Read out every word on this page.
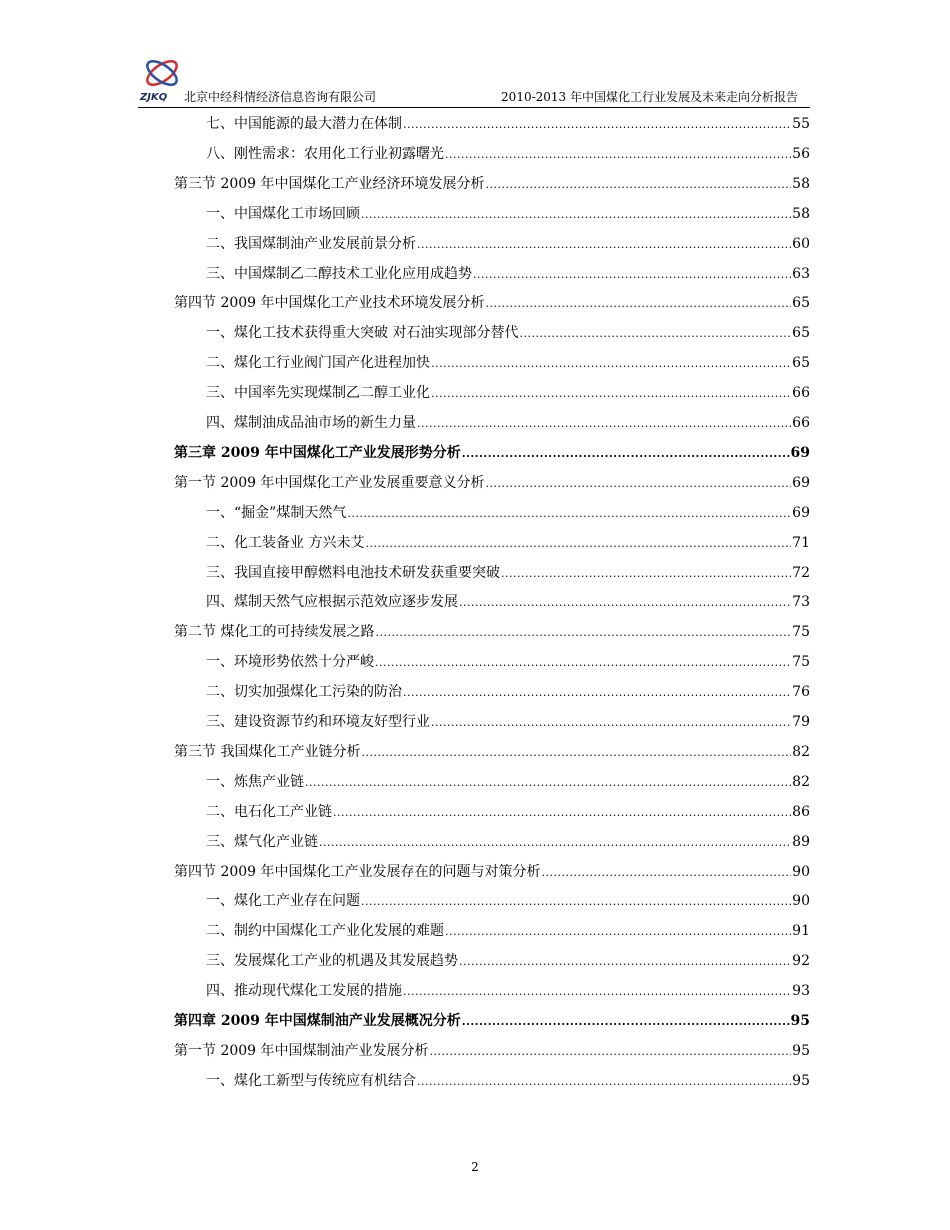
ZJKQ 北京中经科情经济信息咨询有限公司	2010-2013 年中国煤化工行业发展及未来走向分析报告
七、中国能源的最大潜力在体制 .....	55
八、刚性需求：农用化工行业初露曙光 .....	56
第三节 2009 年中国煤化工产业经济环境发展分析 .....	58
一、中国煤化工市场回顾 .....	58
二、我国煤制油产业发展前景分析 .....	60
三、中国煤制乙二醇技术工业化应用成趋势 .....	63
第四节 2009 年中国煤化工产业技术环境发展分析 .....	65
一、煤化工技术获得重大突破 对石油实现部分替代 .....	65
二、煤化工行业阀门国产化进程加快 .....	65
三、中国率先实现煤制乙二醇工业化 .....	66
四、煤制油成品油市场的新生力量 .....	66
第三章 2009 年中国煤化工产业发展形势分析 .....	69
第一节 2009 年中国煤化工产业发展重要意义分析 .....	69
一、“掘金”煤制天然气 .....	69
二、化工装备业 方兴未艾 .....	71
三、我国直接甲醇燃料电池技术研发获重要突破 .....	72
四、煤制天然气应根据示范效应逐步发展 .....	73
第二节 煤化工的可持续发展之路 .....	75
一、环境形势依然十分严峻 .....	75
二、切实加强煤化工污染的防治 .....	76
三、建设资源节约和环境友好型行业 .....	79
第三节 我国煤化工产业链分析 .....	82
一、炼焦产业链 .....	82
二、电石化工产业链 .....	86
三、煤气化产业链 .....	89
第四节 2009 年中国煤化工产业发展存在的问题与对策分析 .....	90
一、煤化工产业存在问题 .....	90
二、制约中国煤化工产业化发展的难题 .....	91
三、发展煤化工产业的机遇及其发展趋势 .....	92
四、推动现代煤化工发展的措施 .....	93
第四章 2009 年中国煤制油产业发展概况分析 .....	95
第一节 2009 年中国煤制油产业发展分析 .....	95
一、煤化工新型与传统应有机结合 .....	95
2
